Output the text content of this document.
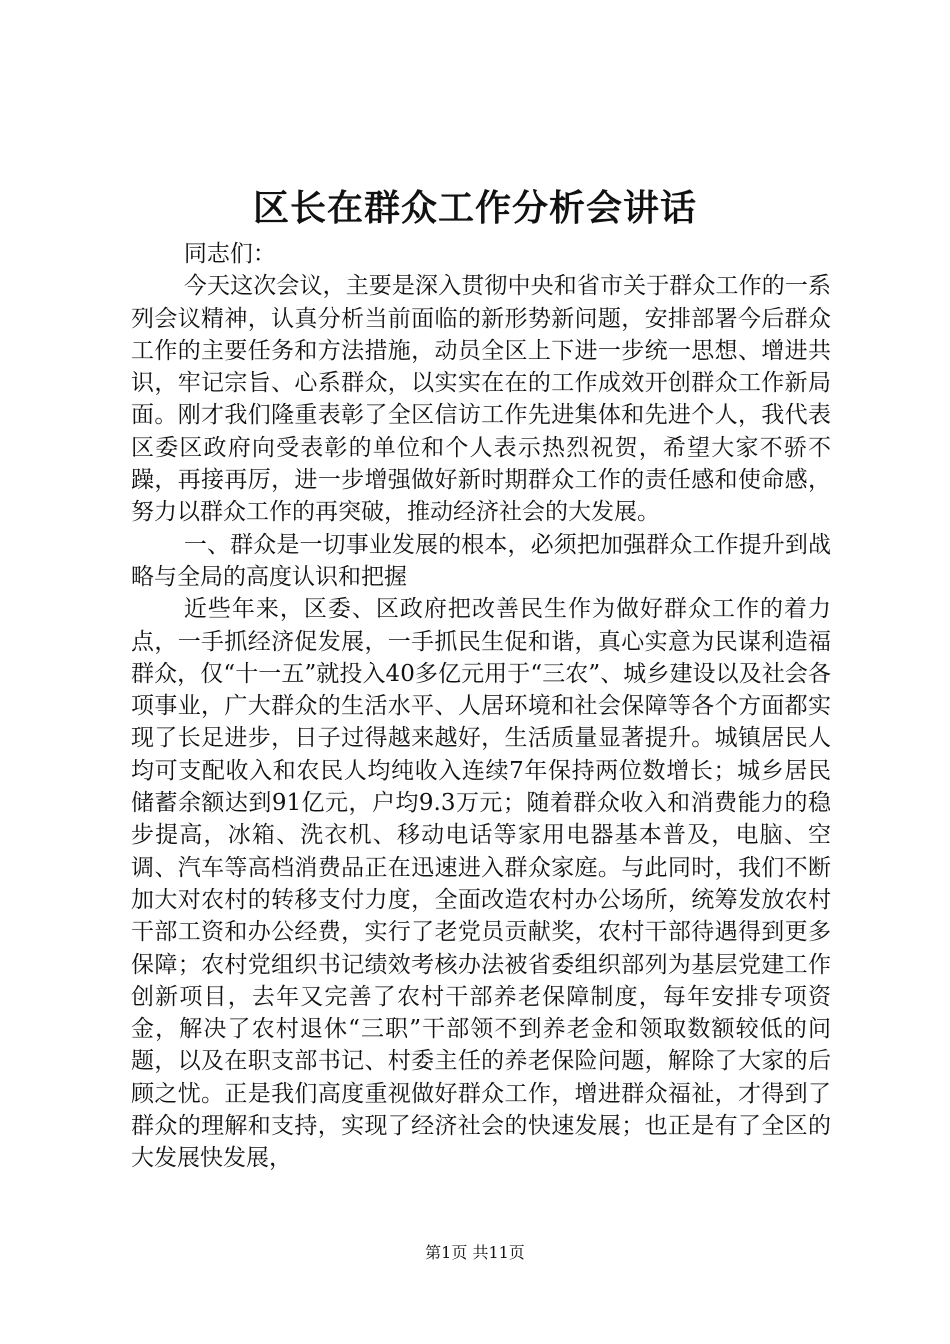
区长在群众工作分析会讲话

同志们：

今天这次会议，主要是深入贯彻中央和省市关于群众工作的一系列会议精神，认真分析当前面临的新形势新问题，安排部署今后群众工作的主要任务和方法措施，动员全区上下进一步统一思想、增进共识，牢记宗旨、心系群众，以实实在在的工作成效开创群众工作新局面。刚才我们隆重表彰了全区信访工作先进集体和先进个人，我代表区委区政府向受表彰的单位和个人表示热烈祝贺，希望大家不骄不躁，再接再厉，进一步增强做好新时期群众工作的责任感和使命感，努力以群众工作的再突破，推动经济社会的大发展。

一、群众是一切事业发展的根本，必须把加强群众工作提升到战略与全局的高度认识和把握

近些年来，区委、区政府把改善民生作为做好群众工作的着力点，一手抓经济促发展，一手抓民生促和谐，真心实意为民谋利造福群众，仅“十一五”就投入40多亿元用于“三农”、城乡建设以及社会各项事业，广大群众的生活水平、人居环境和社会保障等各个方面都实现了长足进步，日子过得越来越好，生活质量显著提升。城镇居民人均可支配收入和农民人均纯收入连续7年保持两位数增长；城乡居民储蓄余额达到91亿元，户均9.3万元；随着群众收入和消费能力的稳步提高，冰箱、洗衣机、移动电话等家用电器基本普及，电脑、空调、汽车等高档消费品正在迅速进入群众家庭。与此同时，我们不断加大对农村的转移支付力度，全面改造农村办公场所，统筹发放农村干部工资和办公经费，实行了老党员贡献奖，农村干部待遇得到更多保障；农村党组织书记绩效考核办法被省委组织部列为基层党建工作创新项目，去年又完善了农村干部养老保障制度，每年安排专项资金，解决了农村退休“三职”干部领不到养老金和领取数额较低的问题，以及在职支部书记、村委主任的养老保险问题，解除了大家的后顾之忧。正是我们高度重视做好群众工作，增进群众福祉，才得到了群众的理解和支持，实现了经济社会的快速发展；也正是有了全区的大发展快发展，

第1页 共11页
